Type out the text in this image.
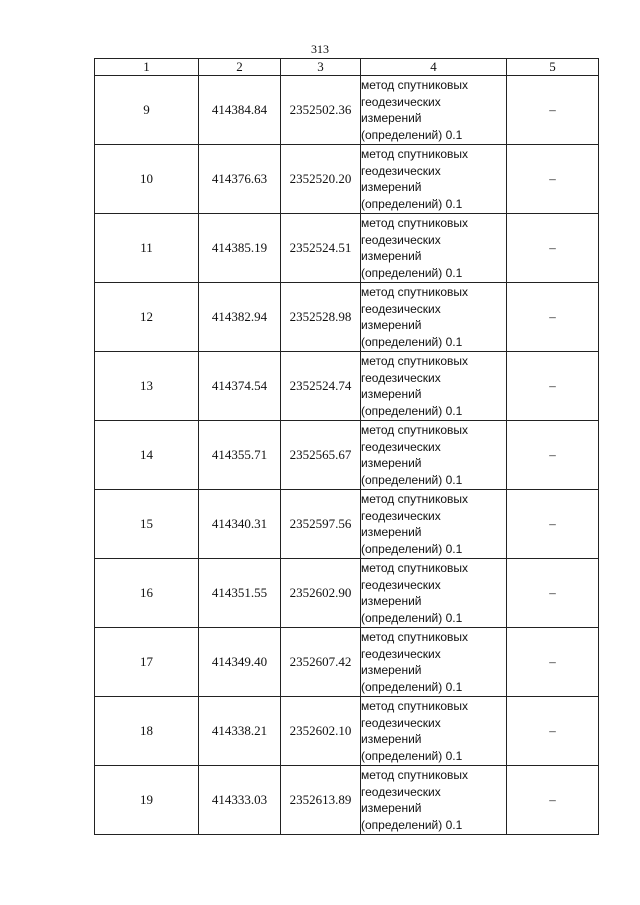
313
1	2	3	4	5
9	414384.84	2352502.36	метод спутниковых
геодезических
измерений
(определений) 0.1	–
10	414376.63	2352520.20	метод спутниковых
геодезических
измерений
(определений) 0.1	–
11	414385.19	2352524.51	метод спутниковых
геодезических
измерений
(определений) 0.1	–
12	414382.94	2352528.98	метод спутниковых
геодезических
измерений
(определений) 0.1	–
13	414374.54	2352524.74	метод спутниковых
геодезических
измерений
(определений) 0.1	–
14	414355.71	2352565.67	метод спутниковых
геодезических
измерений
(определений) 0.1	–
15	414340.31	2352597.56	метод спутниковых
геодезических
измерений
(определений) 0.1	–
16	414351.55	2352602.90	метод спутниковых
геодезических
измерений
(определений) 0.1	–
17	414349.40	2352607.42	метод спутниковых
геодезических
измерений
(определений) 0.1	–
18	414338.21	2352602.10	метод спутниковых
геодезических
измерений
(определений) 0.1	–
19	414333.03	2352613.89	метод спутниковых
геодезических
измерений
(определений) 0.1	–
